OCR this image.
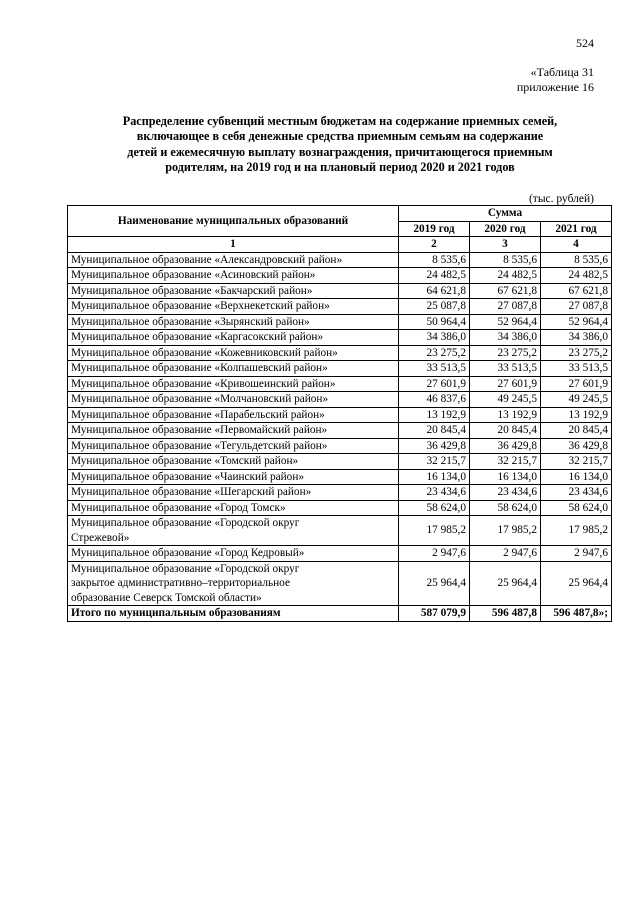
524
«Таблица 31
приложение 16
Распределение субвенций местным бюджетам на содержание приемных семей,
включающее в себя денежные средства приемным семьям на содержание
детей и ежемесячную выплату вознаграждения, причитающегося приемным
родителям, на 2019 год и на плановый период 2020 и 2021 годов
(тыс. рублей)
Наименование муниципальных образований	Сумма		
	2019 год	2020 год	2021 год
1	2	3	4
Муниципальное образование «Александровский район»	8 535,6	8 535,6	8 535,6
Муниципальное образование «Асиновский район»	24 482,5	24 482,5	24 482,5
Муниципальное образование «Бакчарский район»	64 621,8	67 621,8	67 621,8
Муниципальное образование «Верхнекетский район»	25 087,8	27 087,8	27 087,8
Муниципальное образование «Зырянский район»	50 964,4	52 964,4	52 964,4
Муниципальное образование «Каргасокский район»	34 386,0	34 386,0	34 386,0
Муниципальное образование «Кожевниковский район»	23 275,2	23 275,2	23 275,2
Муниципальное образование «Колпашевский район»	33 513,5	33 513,5	33 513,5
Муниципальное образование «Кривошеинский район»	27 601,9	27 601,9	27 601,9
Муниципальное образование «Молчановский район»	46 837,6	49 245,5	49 245,5
Муниципальное образование «Парабельский район»	13 192,9	13 192,9	13 192,9
Муниципальное образование «Первомайский район»	20 845,4	20 845,4	20 845,4
Муниципальное образование «Тегульдетский район»	36 429,8	36 429,8	36 429,8
Муниципальное образование «Томский район»	32 215,7	32 215,7	32 215,7
Муниципальное образование «Чаинский район»	16 134,0	16 134,0	16 134,0
Муниципальное образование «Шегарский район»	23 434,6	23 434,6	23 434,6
Муниципальное образование «Город Томск»	58 624,0	58 624,0	58 624,0

Муниципальное образование «Городской округ
Стрежевой»	17 985,2	17 985,2	17 985,2
Муниципальное образование «Город Кедровый»	2 947,6	2 947,6	2 947,6

Муниципальное образование «Городской округ
закрытое административно–территориальное
образование Северск Томской области»	25 964,4	25 964,4	25 964,4
Итого по муниципальным образованиям	587 079,9	596 487,8	596 487,8»;
